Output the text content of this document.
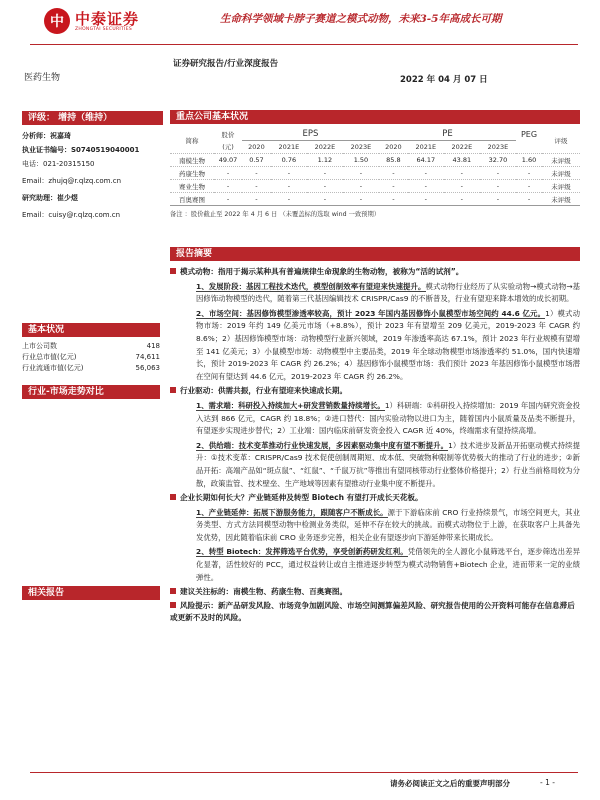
中 中泰证券
ZHONGTAI SECURITIES
生命科学领域卡脖子赛道之模式动物，未来3-5年高成长可期
证券研究报告/行业深度报告
医药生物	2022 年 04 月 07 日
评级： 增持（维持）
分析师：祝嘉琦
执业证书编号：S0740519040001
电话：021-20315150
Email：zhujq@r.qlzq.com.cn
研究助理：崔少煜
Email：cuisy@r.qlzq.com.cn
基本状况
上市公司数	418
行业总市值(亿元)	74,611
行业流通市值(亿元)	56,063
行业-市场走势对比
相关报告
重点公司基本状况
简称	股价	EPS				PE				PEG	评级
	(元)	2020	2021E	2022E	2023E	2020	2021E	2022E	2023E		
南模生物	49.07	0.57	0.76	1.12	1.50	85.8	64.17	43.81	32.70	1.60	未评级
药康生物	-	-	-	-	-	-	-	-	-	-	未评级
赛业生物	-	-	-	-	-	-	-	-	-	-	未评级
百奥赛图	-	-	-	-	-	-	-	-	-	-	未评级
备注 ：股价截止至 2022 年 4 月 6 日 （未覆盖标的选取 wind 一致预期）
报告摘要
模式动物：指用于揭示某种具有普遍规律生命现象的生物动物，被称为“活的试剂”。
1、发展阶段：基因工程技术迭代，模型创制效率有望迎来快速提升。模式动物行业经历了从实验动物→模式动物→基因修饰动物模型的迭代，随着第三代基因编辑技术 CRISPR/Cas9 的不断普及，行业有望迎来降本增效的成长初期。
2、市场空间：基因修饰模型渗透率较高，预计 2023 年国内基因修饰小鼠模型市场空间约 44.6 亿元。1）模式动物市场：2019 年约 149 亿美元市场（+8.8%），预计 2023 年有望增至 209 亿美元，2019-2023 年 CAGR 约 8.6%；2）基因修饰模型市场：动物模型行业新兴领域，2019 年渗透率高达 67.1%，预计 2023 年行业规模有望增至 141 亿美元；3）小鼠模型市场：动物模型中主要品类，2019 年全球动物模型市场渗透率约 51.0%，国内快速增长，预计 2019-2023 年 CAGR 约 26.2%；4）基因修饰小鼠模型市场：我们预计 2023 年基因修饰小鼠模型市场潜在空间有望达到 44.6 亿元，2019-2023 年 CAGR 约 26.2%。
行业驱动：供需共振，行业有望迎来快速成长期。
1、需求端：科研投入持续加大+研发营销数量持续增长。1）科研端：①科研投入持续增加：2019 年国内研究资金投入达到 866 亿元，CAGR 约 18.8%；②进口替代：国内实验动物以进口为主，随着国内小鼠质量及品类不断提升，有望逐步实现进步替代；2）工业端：国内临床前研发资金投入 CAGR 近 40%，终端需求有望持续高增。
2、供给端：技术变革推动行业快速发展，多因素驱动集中度有望不断提升。1）技术进步及新品开拓驱动模式持续提升：①技术变革：CRISPR/Cas9 技术促使创制周期短、成本低、突破物种限制等优势极大的推动了行业的进步；②新品开拓：高端产品如“斑点鼠”、“红鼠”、“千鼠万抗”等推出有望同核带动行业整体价格提升；2）行业当前格局较为分散，政策监管、技术壁垒、生产地域等因素有望推动行业集中度不断提升。
企业长期如何长大？产业链延伸及转型 Biotech 有望打开成长天花板。
1、产业链延伸：拓展下游服务能力，跟随客户不断成长。源于下游临床前 CRO 行业持续景气，市场空间更大，其业务类型、方式方法同模型动物中检测业务类似，延伸不存在较大的挑战。而模式动物位于上游，在获取客户上具备先发优势，因此随着临床前 CRO 业务逐步完善，相关企业有望逐步向下游延伸带来长期成长。
2、转型 Biotech：发挥筛选平台优势，享受创新药研发红利。凭借领先的全人源化小鼠筛选平台，逐步筛选出差异化显著，活性较好的 PCC，通过权益转让或自主推进逐步转型为模式动物销售+Biotech 企业，进而带来一定的业绩弹性。
建议关注标的：南模生物、药康生物、百奥赛图。
风险提示：新产品研发风险、市场竞争加剧风险、市场空间测算偏差风险、研究报告使用的公开资料可能存在信息滞后或更新不及时的风险。
请务必阅读正文之后的重要声明部分	- 1 -
